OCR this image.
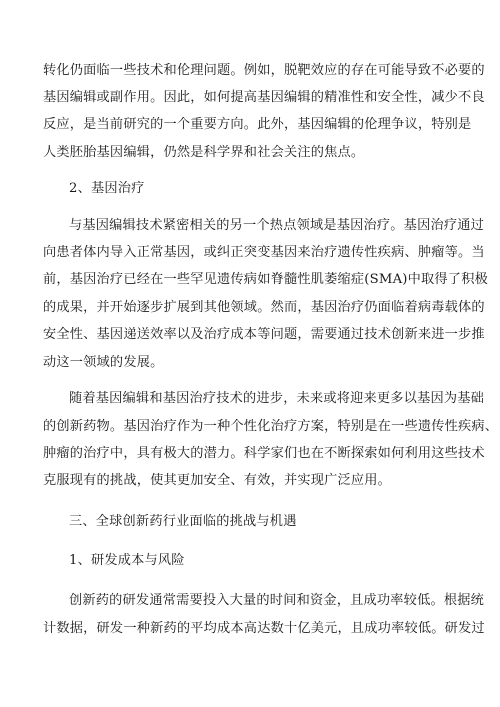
转化仍面临一些技术和伦理问题。例如，脱靶效应的存在可能导致不必要的
基因编辑或副作用。因此，如何提高基因编辑的精准性和安全性，减少不良
反应，是当前研究的一个重要方向。此外，基因编辑的伦理争议，特别是
人类胚胎基因编辑，仍然是科学界和社会关注的焦点。
2、基因治疗
与基因编辑技术紧密相关的另一个热点领域是基因治疗。基因治疗通过
向患者体内导入正常基因，或纠正突变基因来治疗遗传性疾病、肿瘤等。当
前，基因治疗已经在一些罕见遗传病如脊髓性肌萎缩症(SMA)中取得了积极
的成果，并开始逐步扩展到其他领域。然而，基因治疗仍面临着病毒载体的
安全性、基因递送效率以及治疗成本等问题，需要通过技术创新来进一步推
动这一领域的发展。
随着基因编辑和基因治疗技术的进步，未来或将迎来更多以基因为基础
的创新药物。基因治疗作为一种个性化治疗方案，特别是在一些遗传性疾病、
肿瘤的治疗中，具有极大的潜力。科学家们也在不断探索如何利用这些技术
克服现有的挑战，使其更加安全、有效，并实现广泛应用。
三、全球创新药行业面临的挑战与机遇
1、研发成本与风险
创新药的研发通常需要投入大量的时间和资金，且成功率较低。根据统
计数据，研发一种新药的平均成本高达数十亿美元，且成功率较低。研发过
